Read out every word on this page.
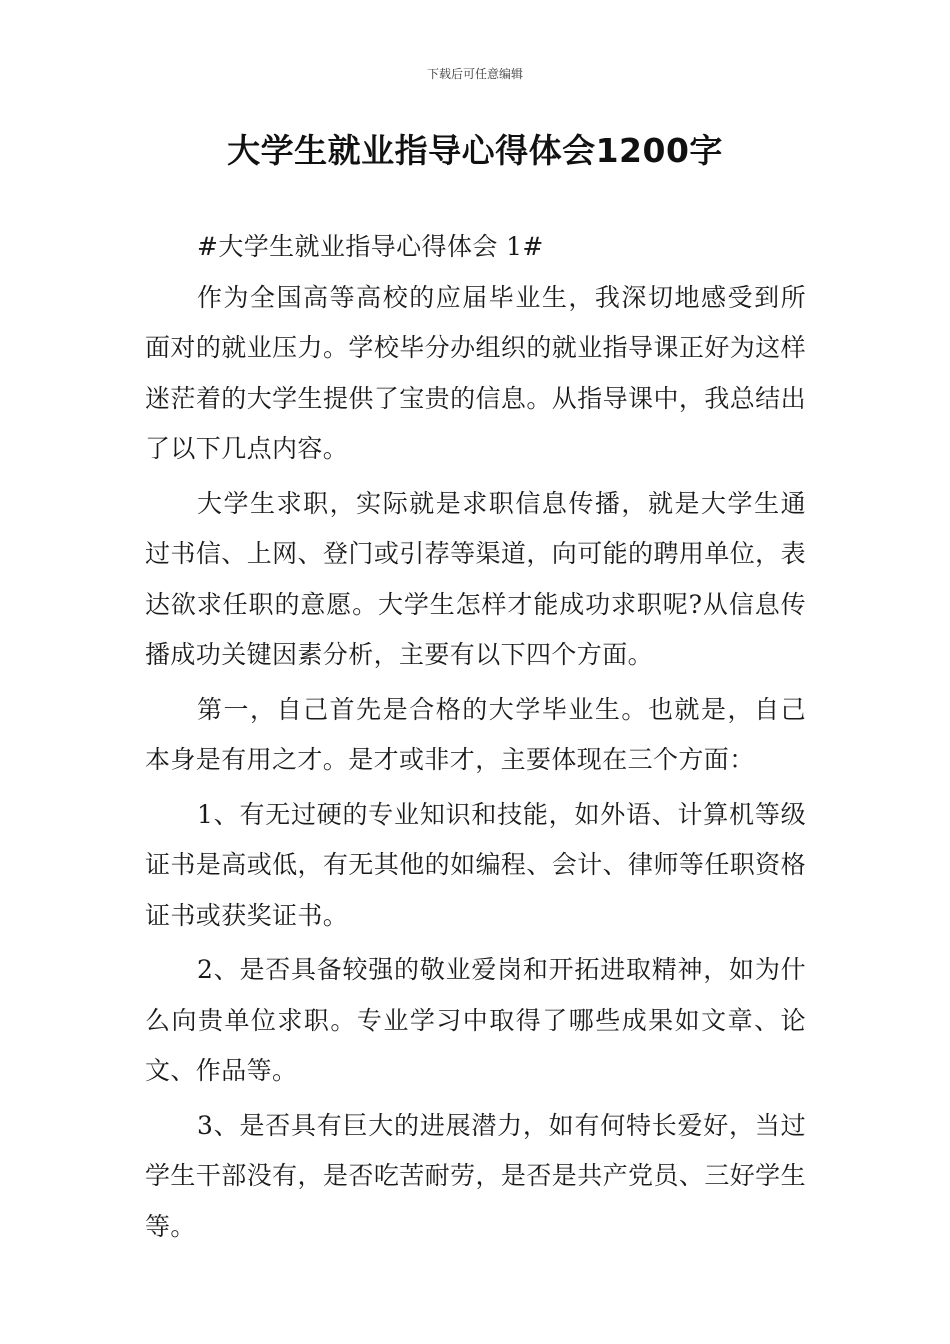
下载后可任意编辑
大学生就业指导心得体会1200字

#大学生就业指导心得体会 1#

作为全国高等高校的应届毕业生，我深切地感受到所面对的就业压力。学校毕分办组织的就业指导课正好为这样迷茫着的大学生提供了宝贵的信息。从指导课中，我总结出了以下几点内容。

大学生求职，实际就是求职信息传播，就是大学生通过书信、上网、登门或引荐等渠道，向可能的聘用单位，表达欲求任职的意愿。大学生怎样才能成功求职呢?从信息传播成功关键因素分析，主要有以下四个方面。

第一，自己首先是合格的大学毕业生。也就是，自己本身是有用之才。是才或非才，主要体现在三个方面：

1、有无过硬的专业知识和技能，如外语、计算机等级证书是高或低，有无其他的如编程、会计、律师等任职资格证书或获奖证书。

2、是否具备较强的敬业爱岗和开拓进取精神，如为什么向贵单位求职。专业学习中取得了哪些成果如文章、论文、作品等。

3、是否具有巨大的进展潜力，如有何特长爱好，当过学生干部没有，是否吃苦耐劳，是否是共产党员、三好学生等。
